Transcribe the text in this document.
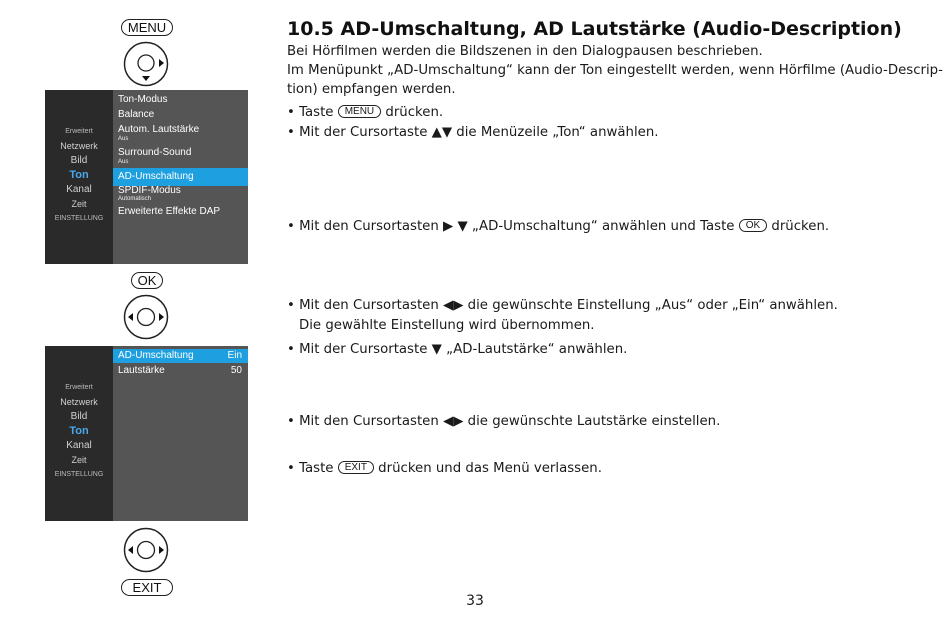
MENU
Erweitert
Netzwerk
Bild
Ton
Kanal
Zeit
EINSTELLUNG
Ton-Modus
Balance
Autom. Lautstärke
Aus
Surround-Sound
Aus
AD-Umschaltung
SPDIF-Modus
Automatisch
Erweiterte Effekte DAP
OK
Erweitert
Netzwerk
Bild
Ton
Kanal
Zeit
EINSTELLUNG
AD-Umschaltung	Ein
Lautstärke	50
EXIT
10.5 AD-Umschaltung, AD Lautstärke (Audio-Description)
Bei Hörfilmen werden die Bildszenen in den Dialogpausen beschrieben.
Im Menüpunkt „AD-Umschaltung“ kann der Ton eingestellt werden, wenn Hörfilme (Audio-Descrip-
tion) empfangen werden.
• Taste MENU drücken.
• Mit der Cursortaste ▲▼ die Menüzeile „Ton“ anwählen.
• Mit den Cursortasten ▶ ▼ „AD-Umschaltung“ anwählen und Taste OK drücken.
• Mit den Cursortasten ◀▶ die gewünschte Einstellung „Aus“ oder „Ein“ anwählen.
Die gewählte Einstellung wird übernommen.
• Mit der Cursortaste ▼ „AD-Lautstärke“ anwählen.
• Mit den Cursortasten ◀▶ die gewünschte Lautstärke einstellen.
• Taste EXIT drücken und das Menü verlassen.
33
